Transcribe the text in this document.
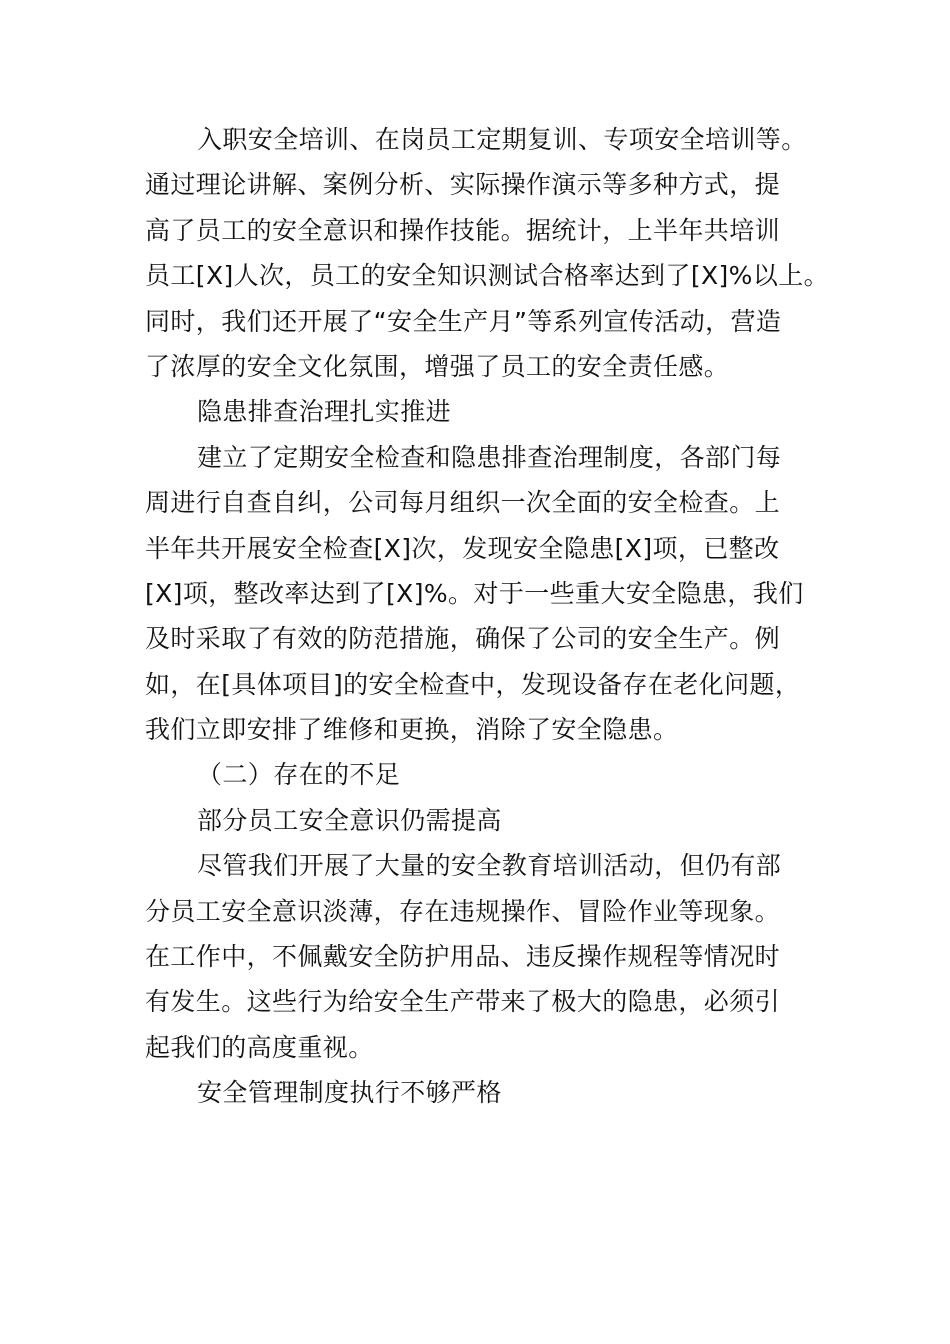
入职安全培训、在岗员工定期复训、专项安全培训等。
通过理论讲解、案例分析、实际操作演示等多种方式，提
高了员工的安全意识和操作技能。据统计，上半年共培训
员工[X]人次，员工的安全知识测试合格率达到了[X]%以上。
同时，我们还开展了“安全生产月”等系列宣传活动，营造
了浓厚的安全文化氛围，增强了员工的安全责任感。
隐患排查治理扎实推进
建立了定期安全检查和隐患排查治理制度，各部门每
周进行自查自纠，公司每月组织一次全面的安全检查。上
半年共开展安全检查[X]次，发现安全隐患[X]项，已整改
[X]项，整改率达到了[X]%。对于一些重大安全隐患，我们
及时采取了有效的防范措施，确保了公司的安全生产。例
如，在[具体项目]的安全检查中，发现设备存在老化问题，
我们立即安排了维修和更换，消除了安全隐患。
（二）存在的不足
部分员工安全意识仍需提高
尽管我们开展了大量的安全教育培训活动，但仍有部
分员工安全意识淡薄，存在违规操作、冒险作业等现象。
在工作中，不佩戴安全防护用品、违反操作规程等情况时
有发生。这些行为给安全生产带来了极大的隐患，必须引
起我们的高度重视。
安全管理制度执行不够严格
